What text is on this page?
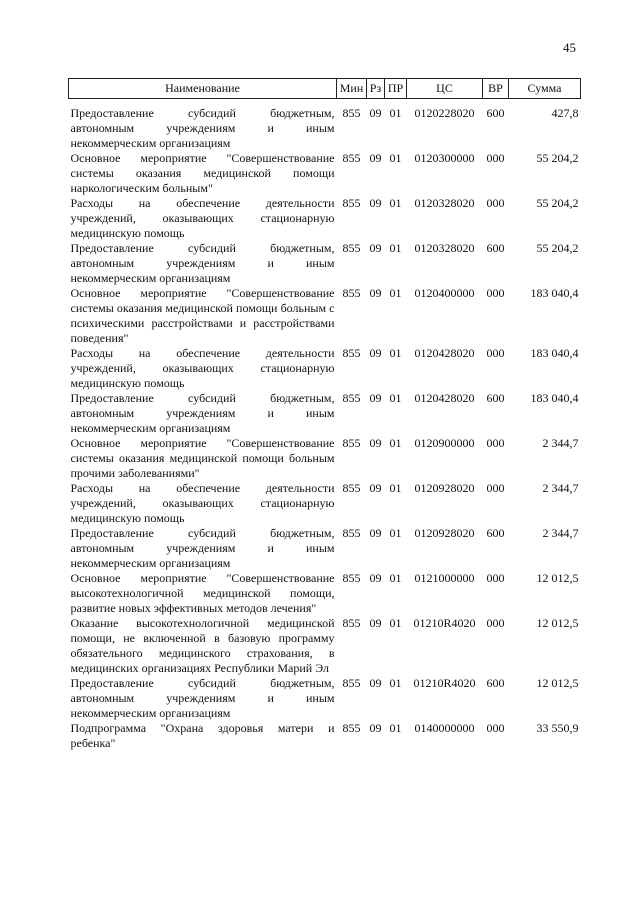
45
Наименование	Мин	Рз	ПР	ЦС	ВР	Сумма
Предоставление субсидий бюджетным, автономным учреждениям и иным некоммерческим организациям	855	09	01	0120228020	600	427,8
Основное мероприятие "Совершенствование системы оказания медицинской помощи наркологическим больным"	855	09	01	0120300000	000	55 204,2
Расходы на обеспечение деятельности учреждений, оказывающих стационарную медицинскую помощь	855	09	01	0120328020	000	55 204,2
Предоставление субсидий бюджетным, автономным учреждениям и иным некоммерческим организациям	855	09	01	0120328020	600	55 204,2
Основное мероприятие "Совершенствование системы оказания медицинской помощи больным с психическими расстройствами и расстройствами поведения"	855	09	01	0120400000	000	183 040,4
Расходы на обеспечение деятельности учреждений, оказывающих стационарную медицинскую помощь	855	09	01	0120428020	000	183 040,4
Предоставление субсидий бюджетным, автономным учреждениям и иным некоммерческим организациям	855	09	01	0120428020	600	183 040,4
Основное мероприятие "Совершенствование системы оказания медицинской помощи больным прочими заболеваниями"	855	09	01	0120900000	000	2 344,7
Расходы на обеспечение деятельности учреждений, оказывающих стационарную медицинскую помощь	855	09	01	0120928020	000	2 344,7
Предоставление субсидий бюджетным, автономным учреждениям и иным некоммерческим организациям	855	09	01	0120928020	600	2 344,7
Основное мероприятие "Совершенствование высокотехнологичной медицинской помощи, развитие новых эффективных методов лечения"	855	09	01	0121000000	000	12 012,5
Оказание высокотехнологичной медицинской помощи, не включенной в базовую программу обязательного медицинского страхования, в медицинских организациях Республики Марий Эл	855	09	01	01210R4020	000	12 012,5
Предоставление субсидий бюджетным, автономным учреждениям и иным некоммерческим организациям	855	09	01	01210R4020	600	12 012,5
Подпрограмма "Охрана здоровья матери и ребенка"	855	09	01	0140000000	000	33 550,9
